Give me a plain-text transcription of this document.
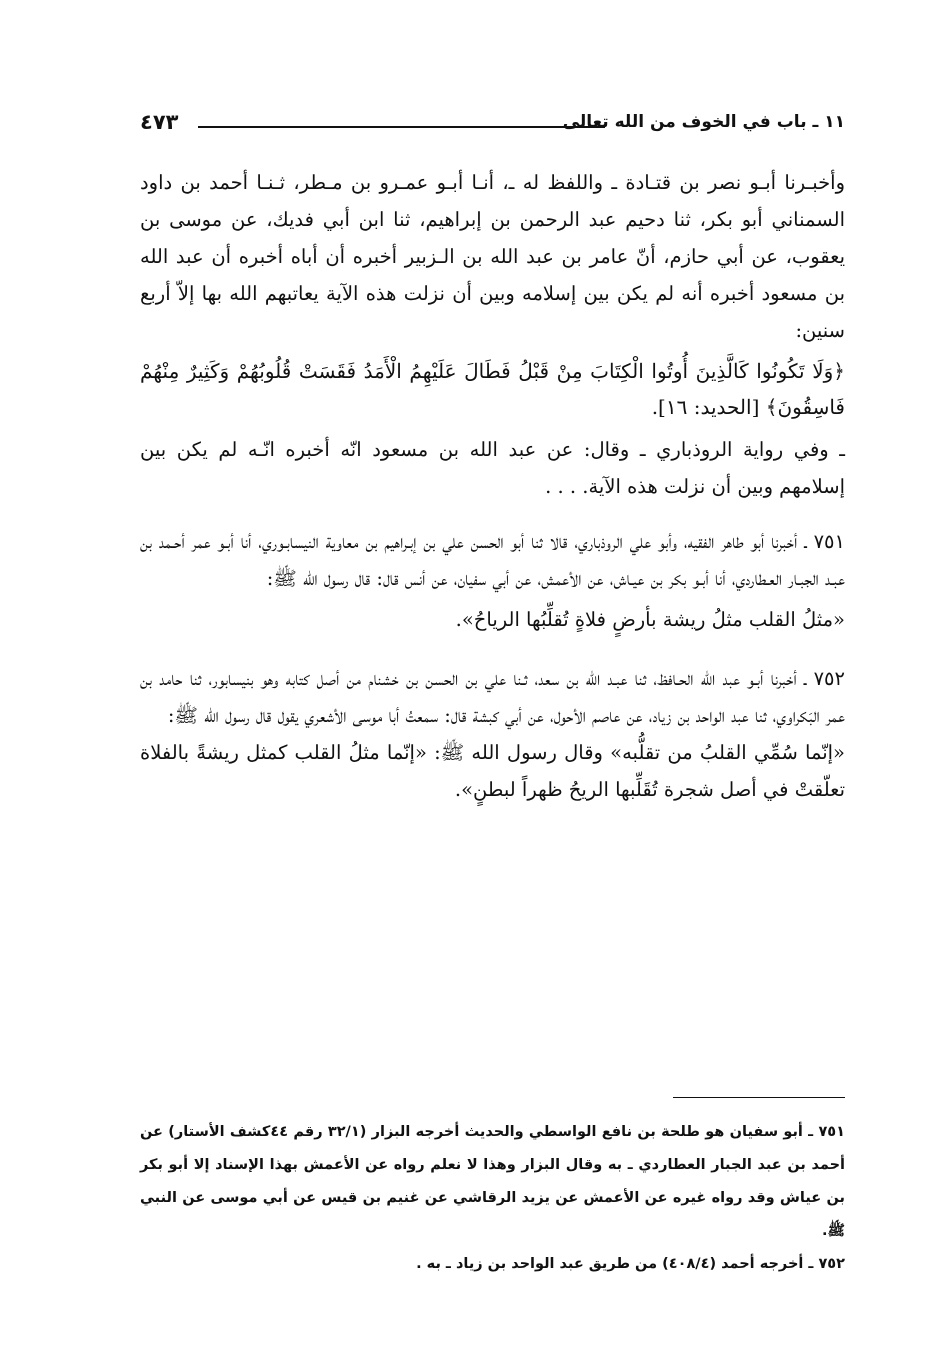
١١ ـ باب في الخوف من الله تعالى
٤٧٣

وأخبـرنا أبـو نصر بن قتـادة ـ واللفظ له ـ، أنـا أبـو عمـرو بن مـطر، ثـنـا أحمد بن داود السمناني أبو بكر، ثنا دحيم عبد الرحمن بن إبراهيم، ثنا ابن أبي فديك، عن موسى بن يعقوب، عن أبي حازم، أنّ عامر بن عبد الله بن الـزبير أخبره أن أباه أخبره أن عبد الله بن مسعود أخبره أنه لم يكن بين إسلامه وبين أن نزلت هذه الآية يعاتبهم الله بها إلاّ أربع سنين:

﴿وَلَا تَكُونُوا كَالَّذِينَ أُوتُوا الْكِتَابَ مِنْ قَبْلُ فَطَالَ عَلَيْهِمُ الْأَمَدُ فَقَسَتْ قُلُوبُهُمْ وَكَثِيرٌ مِنْهُمْ فَاسِقُونَ﴾ [الحديد: ١٦].

ـ وفي رواية الروذباري ـ وقال: عن عبد الله بن مسعود انّه أخبره انّـه لم يكن بين إسلامهم وبين أن نزلت هذه الآية. . . .

٧٥١ ـ أخبرنا أبو طاهر الفقيه، وأبو علي الروذباري، قالا ثنا أبو الحسن علي بن إبـراهيم بن معاوية النيسابـوري، أنا أبـو عمر أحـمد بن عبـد الجبـار العـطاردي، أنا أبـو بكر بن عيـاش، عن الأعمش، عن أبي سفيان، عن أنس قال: قال رسول الله ﷺ:

«مثلُ القلب مثلُ ريشة بأرضٍ فلاةٍ تُقلِّبُها الرياحُ».

٧٥٢ ـ أخبرنا أبـو عبد الله الحـافظ، ثنا عبـد الله بن سعد، ثـنا علي بن الحسن بن خشنام من أصل كتابه وهو بنيسابور، ثنا حامد بن عمر البَكراوي، ثنا عبد الواحد بن زياد، عن عاصم الأحول، عن أبي كبشة قال: سمعتُ أبا موسى الأشعري يقول قال رسول الله ﷺ:

«إنّما سُمِّي القلبُ من تقلُّبه» وقال رسول الله ﷺ: «إنّما مثلُ القلب كمثل ريشةً بالفلاة تعلّقتْ في أصل شجرة تُقَلِّبها الريحُ ظهراً لبطنٍ».

٧٥١ ـ أبو سفيان هو طلحة بن نافع الواسطي والحديث أخرجه البزار (٣٢/١ رقم ٤٤كشف الأستار) عن أحمد بن عبد الجبار العطاردي ـ به وقال البزار وهذا لا نعلم رواه عن الأعمش بهذا الإسناد إلا أبو بكر بن عياش وقد رواه غيره عن الأعمش عن يزيد الرقاشي عن غنيم بن قيس عن أبي موسى عن النبي ﷺ.

٧٥٢ ـ أخرجه أحمد (٤٠٨/٤) من طريق عبد الواحد بن زياد ـ به .
